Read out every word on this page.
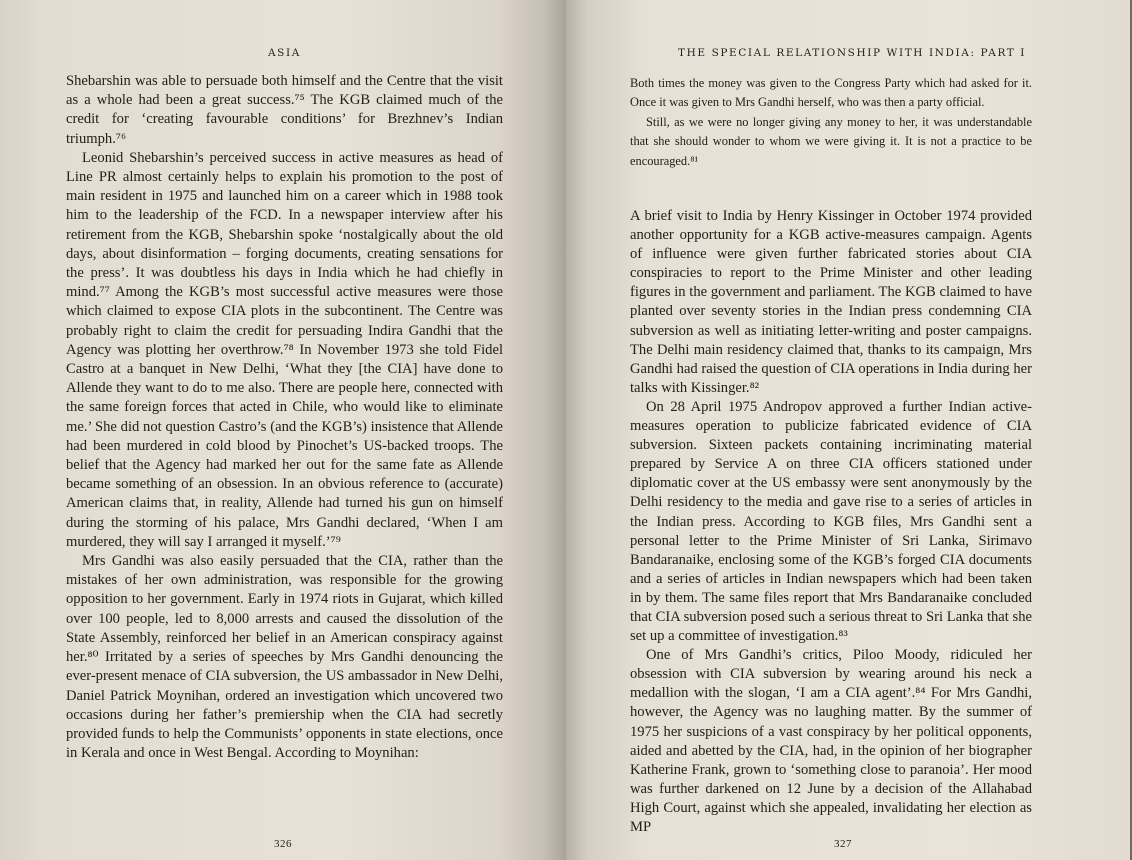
ASIA

Shebarshin was able to persuade both himself and the Centre that the visit as a whole had been a great success.⁷⁵ The KGB claimed much of the credit for ‘creating favourable conditions’ for Brezhnev’s Indian triumph.⁷⁶

Leonid Shebarshin’s perceived success in active measures as head of Line PR almost certainly helps to explain his promotion to the post of main resident in 1975 and launched him on a career which in 1988 took him to the leadership of the FCD. In a newspaper interview after his retirement from the KGB, Shebarshin spoke ‘nostalgically about the old days, about disinformation – forging documents, creating sensations for the press’. It was doubtless his days in India which he had chiefly in mind.⁷⁷ Among the KGB’s most successful active measures were those which claimed to expose CIA plots in the subcontinent. The Centre was probably right to claim the credit for persuading Indira Gandhi that the Agency was plotting her overthrow.⁷⁸ In November 1973 she told Fidel Castro at a banquet in New Delhi, ‘What they [the CIA] have done to Allende they want to do to me also. There are people here, connected with the same foreign forces that acted in Chile, who would like to eliminate me.’ She did not question Castro’s (and the KGB’s) insistence that Allende had been murdered in cold blood by Pinochet’s US-backed troops. The belief that the Agency had marked her out for the same fate as Allende became something of an obsession. In an obvious reference to (accurate) American claims that, in reality, Allende had turned his gun on himself during the storming of his palace, Mrs Gandhi declared, ‘When I am murdered, they will say I arranged it myself.’⁷⁹

Mrs Gandhi was also easily persuaded that the CIA, rather than the mistakes of her own administration, was responsible for the growing opposition to her government. Early in 1974 riots in Gujarat, which killed over 100 people, led to 8,000 arrests and caused the dissolution of the State Assembly, reinforced her belief in an American conspiracy against her.⁸⁰ Irritated by a series of speeches by Mrs Gandhi denouncing the ever-present menace of CIA subversion, the US ambassador in New Delhi, Daniel Patrick Moynihan, ordered an investigation which uncovered two occasions during her father’s premiership when the CIA had secretly provided funds to help the Communists’ opponents in state elections, once in Kerala and once in West Bengal. According to Moynihan:

326

THE SPECIAL RELATIONSHIP WITH INDIA: PART I

Both times the money was given to the Congress Party which had asked for it. Once it was given to Mrs Gandhi herself, who was then a party official.

Still, as we were no longer giving any money to her, it was understandable that she should wonder to whom we were giving it. It is not a practice to be encouraged.⁸¹

A brief visit to India by Henry Kissinger in October 1974 provided another opportunity for a KGB active-measures campaign. Agents of influence were given further fabricated stories about CIA conspiracies to report to the Prime Minister and other leading figures in the government and parliament. The KGB claimed to have planted over seventy stories in the Indian press condemning CIA subversion as well as initiating letter-writing and poster campaigns. The Delhi main residency claimed that, thanks to its campaign, Mrs Gandhi had raised the question of CIA operations in India during her talks with Kissinger.⁸²

On 28 April 1975 Andropov approved a further Indian active-measures operation to publicize fabricated evidence of CIA subversion. Sixteen packets containing incriminating material prepared by Service A on three CIA officers stationed under diplomatic cover at the US embassy were sent anonymously by the Delhi residency to the media and gave rise to a series of articles in the Indian press. According to KGB files, Mrs Gandhi sent a personal letter to the Prime Minister of Sri Lanka, Sirimavo Bandaranaike, enclosing some of the KGB’s forged CIA documents and a series of articles in Indian newspapers which had been taken in by them. The same files report that Mrs Bandaranaike concluded that CIA subversion posed such a serious threat to Sri Lanka that she set up a committee of investigation.⁸³

One of Mrs Gandhi’s critics, Piloo Moody, ridiculed her obsession with CIA subversion by wearing around his neck a medallion with the slogan, ‘I am a CIA agent’.⁸⁴ For Mrs Gandhi, however, the Agency was no laughing matter. By the summer of 1975 her suspicions of a vast conspiracy by her political opponents, aided and abetted by the CIA, had, in the opinion of her biographer Katherine Frank, grown to ‘something close to paranoia’. Her mood was further darkened on 12 June by a decision of the Allahabad High Court, against which she appealed, invalidating her election as MP

327
